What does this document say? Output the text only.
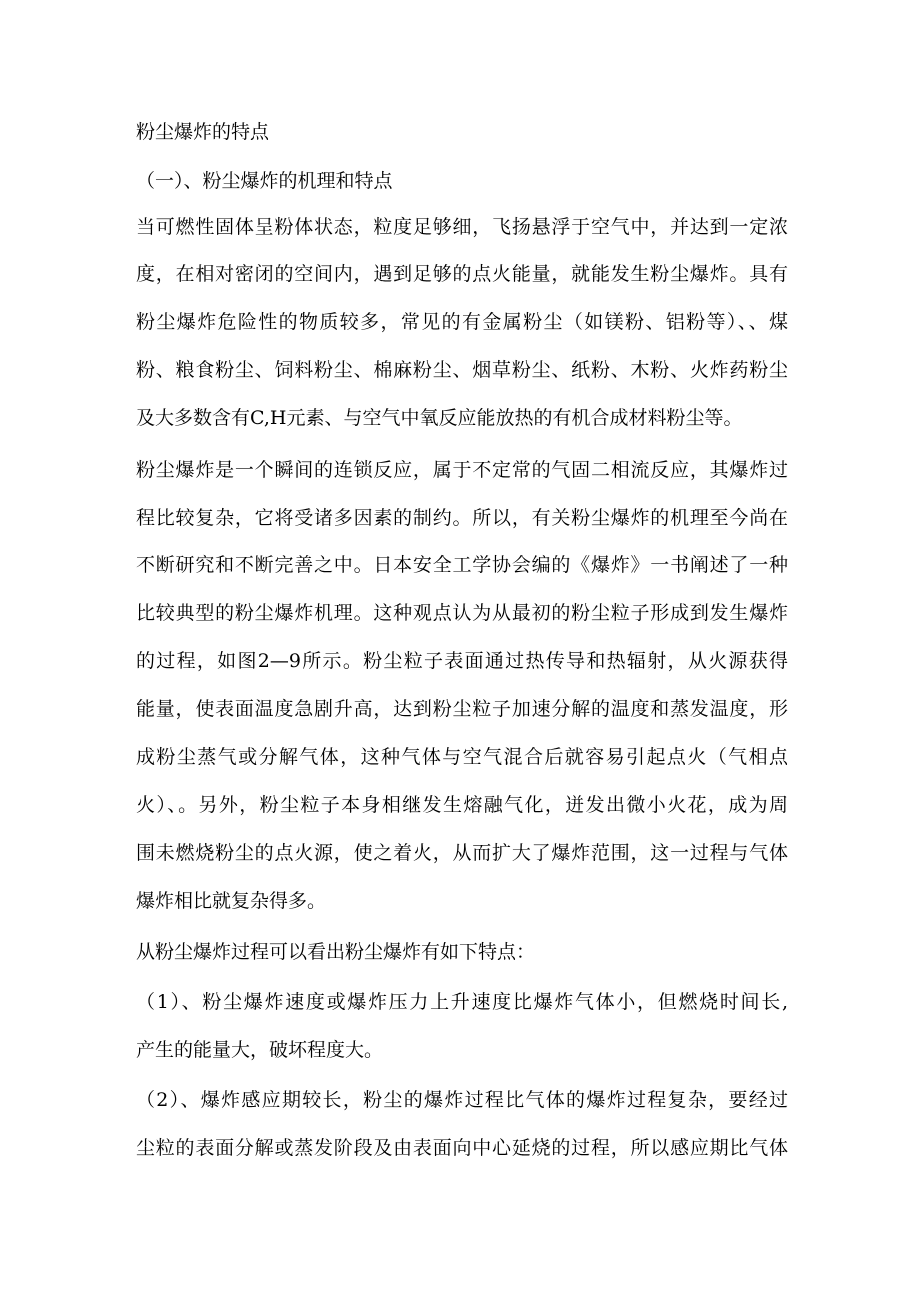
粉尘爆炸的特点

（一）、粉尘爆炸的机理和特点

当可燃性固体呈粉体状态，粒度足够细，飞扬悬浮于空气中，并达到一定浓

度，在相对密闭的空间内，遇到足够的点火能量，就能发生粉尘爆炸。具有

粉尘爆炸危险性的物质较多，常见的有金属粉尘（如镁粉、铝粉等）、、煤

粉、粮食粉尘、饲料粉尘、棉麻粉尘、烟草粉尘、纸粉、木粉、火炸药粉尘

及大多数含有C,H元素、与空气中氧反应能放热的有机合成材料粉尘等。

粉尘爆炸是一个瞬间的连锁反应，属于不定常的气固二相流反应，其爆炸过

程比较复杂，它将受诸多因素的制约。所以，有关粉尘爆炸的机理至今尚在

不断研究和不断完善之中。日本安全工学协会编的《爆炸》一书阐述了一种

比较典型的粉尘爆炸机理。这种观点认为从最初的粉尘粒子形成到发生爆炸

的过程，如图2—9所示。粉尘粒子表面通过热传导和热辐射，从火源获得

能量，使表面温度急剧升高，达到粉尘粒子加速分解的温度和蒸发温度，形

成粉尘蒸气或分解气体，这种气体与空气混合后就容易引起点火（气相点

火）、。另外，粉尘粒子本身相继发生熔融气化，迸发出微小火花，成为周

围未燃烧粉尘的点火源，使之着火，从而扩大了爆炸范围，这一过程与气体

爆炸相比就复杂得多。

从粉尘爆炸过程可以看出粉尘爆炸有如下特点：

（1）、粉尘爆炸速度或爆炸压力上升速度比爆炸气体小，但燃烧时间长,

产生的能量大，破坏程度大。

（2）、爆炸感应期较长，粉尘的爆炸过程比气体的爆炸过程复杂，要经过

尘粒的表面分解或蒸发阶段及由表面向中心延烧的过程，所以感应期比气体
